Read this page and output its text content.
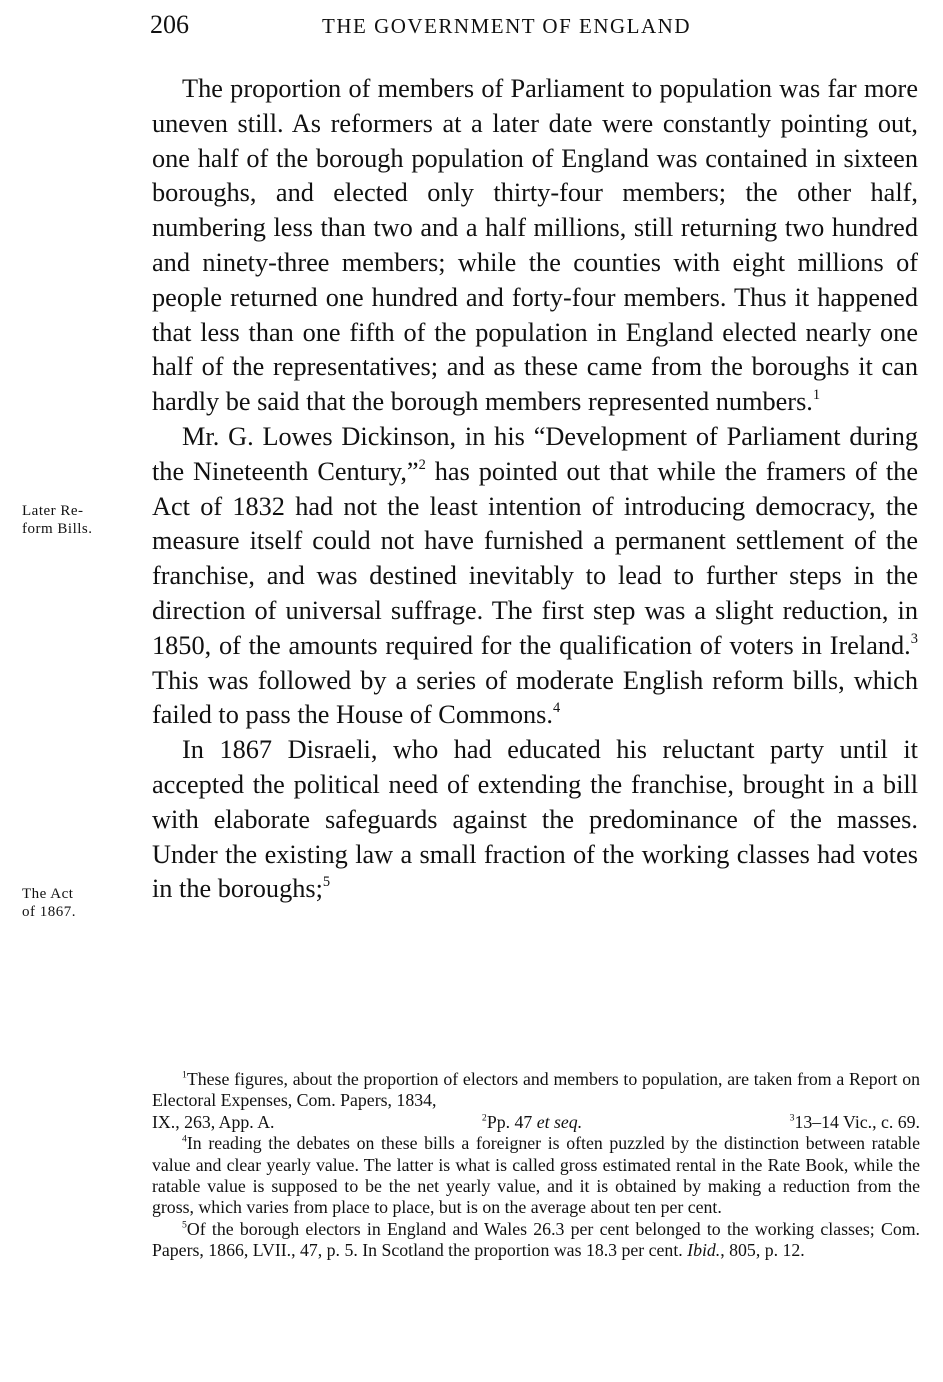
206	THE GOVERNMENT OF ENGLAND
Later Re-
form Bills.
The Act
of 1867.

The proportion of members of Parliament to population was far more uneven still. As reformers at a later date were constantly pointing out, one half of the borough population of England was contained in sixteen boroughs, and elected only thirty-four members; the other half, numbering less than two and a half millions, still returning two hundred and ninety-three members; while the counties with eight millions of people returned one hundred and forty-four members. Thus it happened that less than one fifth of the population in England elected nearly one half of the representatives; and as these came from the boroughs it can hardly be said that the borough members represented numbers.$^1$

Mr. G. Lowes Dickinson, in his “Development of Parliament during the Nineteenth Century,”$^2$ has pointed out that while the framers of the Act of 1832 had not the least intention of introducing democracy, the measure itself could not have furnished a permanent settlement of the franchise, and was destined inevitably to lead to further steps in the direction of universal suffrage. The first step was a slight reduction, in 1850, of the amounts required for the qualification of voters in Ireland.$^3$ This was followed by a series of moderate English reform bills, which failed to pass the House of Commons.$^4$

In 1867 Disraeli, who had educated his reluctant party until it accepted the political need of extending the franchise, brought in a bill with elaborate safeguards against the predominance of the masses. Under the existing law a small fraction of the working classes had votes in the boroughs;$^5$

$^1$These figures, about the proportion of electors and members to population, are taken from a Report on Electoral Expenses, Com. Papers, 1834,

IX., 263, App. A.	$^2$Pp. 47 et seq.	$^3$13–14 Vic., c. 69.

$^4$In reading the debates on these bills a foreigner is often puzzled by the distinction between ratable value and clear yearly value. The latter is what is called gross estimated rental in the Rate Book, while the ratable value is supposed to be the net yearly value, and it is obtained by making a reduction from the gross, which varies from place to place, but is on the average about ten per cent.

$^5$Of the borough electors in England and Wales 26.3 per cent belonged to the working classes; Com. Papers, 1866, LVII., 47, p. 5. In Scotland the proportion was 18.3 per cent. Ibid., 805, p. 12.
